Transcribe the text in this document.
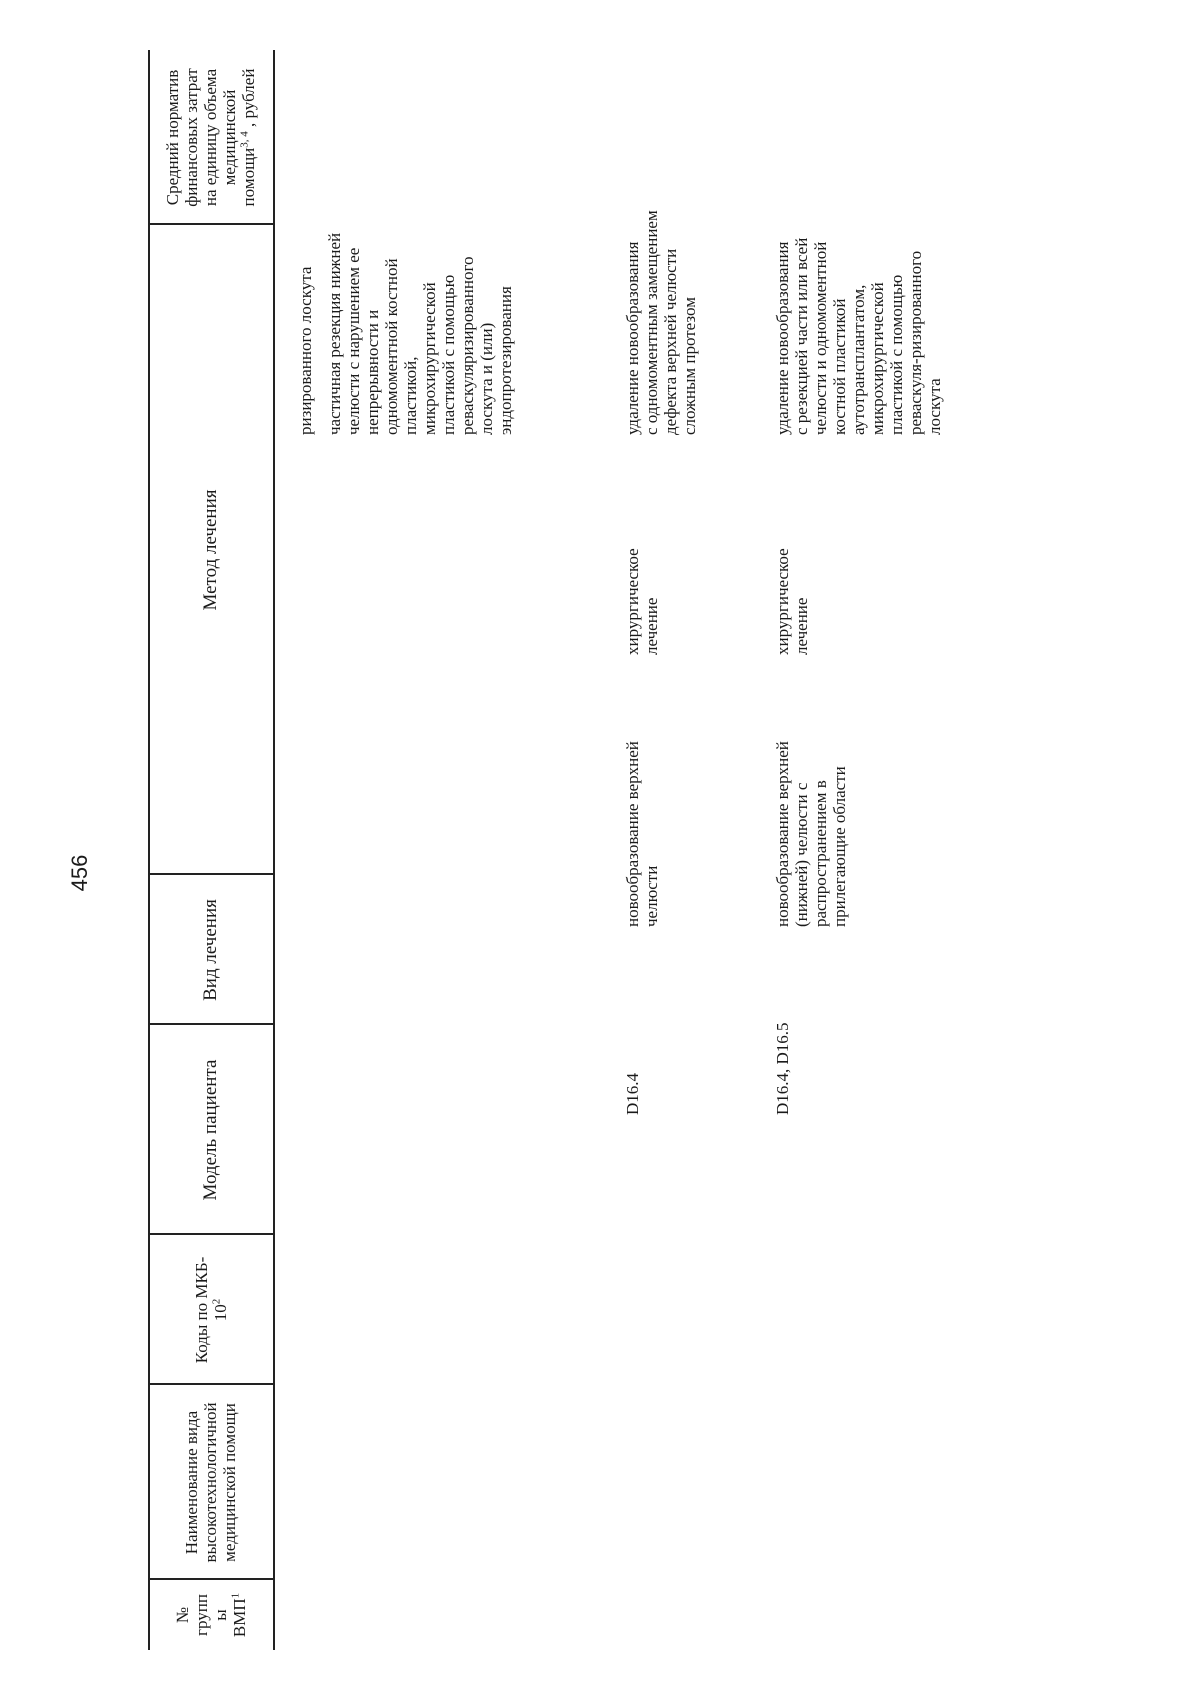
456
№ групп ы ВМП$^1$
Наименование вида высокотехнологичной медицинской помощи
Коды по МКБ- $10^2$
Модель пациента
Вид лечения
Метод лечения
Средний норматив финансовых затрат на единицу объема медицинской помощи$^{3, 4}$ , рублей
ризированного лоскута частичная резекция нижней челюсти с нарушением ее непрерывности и одномоментной костной пластикой, микрохирургической пластикой с помощью реваскуляризированного лоскута и (или) эндопротезирования
D16.4
новообразование верхней челюсти
хирургическое лечение
удаление новообразования с одномоментным замещением дефекта верхней челюсти сложным протезом
D16.4, D16.5
новообразование верхней (нижней) челюсти с распространением в прилегающие области
хирургическое лечение
удаление новообразования с резекцией части или всей челюсти и одномоментной костной пластикой аутотрансплантатом, микрохирургической пластикой с помощью реваскуля-ризированного лоскута
